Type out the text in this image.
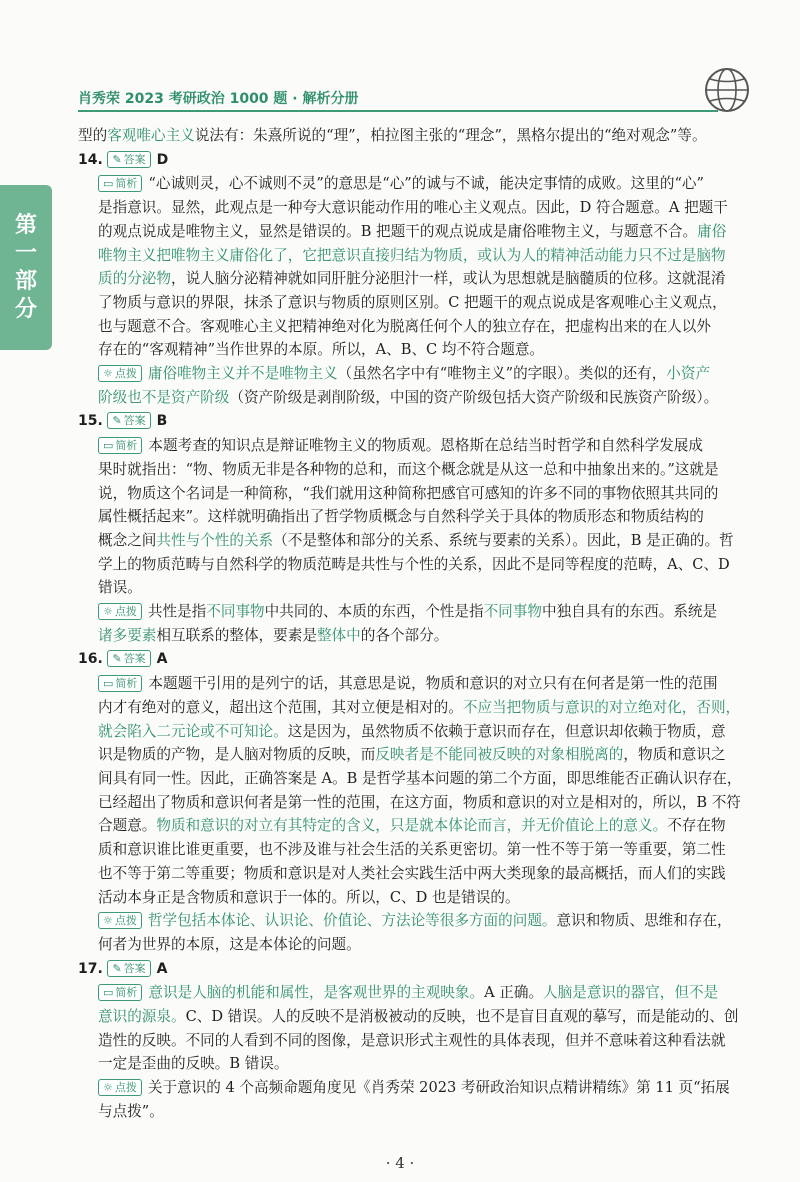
肖秀荣 2023 考研政治 1000 题 · 解析分册
第
一
部
分
型的客观唯心主义说法有：朱熹所说的“理”，柏拉图主张的“理念”，黑格尔提出的“绝对观念”等。
14. ✎ 答案 D
▭ 简析 “心诚则灵，心不诚则不灵”的意思是“心”的诚与不诚，能决定事情的成败。这里的“心”
是指意识。显然，此观点是一种夸大意识能动作用的唯心主义观点。因此，D 符合题意。A 把题干
的观点说成是唯物主义，显然是错误的。B 把题干的观点说成是庸俗唯物主义，与题意不合。庸俗
唯物主义把唯物主义庸俗化了，它把意识直接归结为物质，或认为人的精神活动能力只不过是脑物
质的分泌物，说人脑分泌精神就如同肝脏分泌胆汁一样，或认为思想就是脑髓质的位移。这就混淆
了物质与意识的界限，抹杀了意识与物质的原则区别。C 把题干的观点说成是客观唯心主义观点，
也与题意不合。客观唯心主义把精神绝对化为脱离任何个人的独立存在，把虚构出来的在人以外
存在的“客观精神”当作世界的本原。所以，A、B、C 均不符合题意。
☼ 点拨 庸俗唯物主义并不是唯物主义（虽然名字中有“唯物主义”的字眼）。类似的还有，小资产
阶级也不是资产阶级（资产阶级是剥削阶级，中国的资产阶级包括大资产阶级和民族资产阶级）。
15. ✎ 答案 B
▭ 简析 本题考查的知识点是辩证唯物主义的物质观。恩格斯在总结当时哲学和自然科学发展成
果时就指出：“物、物质无非是各种物的总和，而这个概念就是从这一总和中抽象出来的。”这就是
说，物质这个名词是一种简称，“我们就用这种简称把感官可感知的许多不同的事物依照其共同的
属性概括起来”。这样就明确指出了哲学物质概念与自然科学关于具体的物质形态和物质结构的
概念之间共性与个性的关系（不是整体和部分的关系、系统与要素的关系）。因此，B 是正确的。哲
学上的物质范畴与自然科学的物质范畴是共性与个性的关系，因此不是同等程度的范畴，A、C、D
错误。
☼ 点拨 共性是指不同事物中共同的、本质的东西，个性是指不同事物中独自具有的东西。系统是
诸多要素相互联系的整体，要素是整体中的各个部分。
16. ✎ 答案 A
▭ 简析 本题题干引用的是列宁的话，其意思是说，物质和意识的对立只有在何者是第一性的范围
内才有绝对的意义，超出这个范围，其对立便是相对的。不应当把物质与意识的对立绝对化，否则，
就会陷入二元论或不可知论。这是因为，虽然物质不依赖于意识而存在，但意识却依赖于物质，意
识是物质的产物，是人脑对物质的反映，而反映者是不能同被反映的对象相脱离的，物质和意识之
间具有同一性。因此，正确答案是 A。B 是哲学基本问题的第二个方面，即思维能否正确认识存在，
已经超出了物质和意识何者是第一性的范围，在这方面，物质和意识的对立是相对的，所以，B 不符
合题意。物质和意识的对立有其特定的含义，只是就本体论而言，并无价值论上的意义。不存在物
质和意识谁比谁更重要，也不涉及谁与社会生活的关系更密切。第一性不等于第一等重要，第二性
也不等于第二等重要；物质和意识是对人类社会实践生活中两大类现象的最高概括，而人们的实践
活动本身正是含物质和意识于一体的。所以，C、D 也是错误的。
☼ 点拨 哲学包括本体论、认识论、价值论、方法论等很多方面的问题。意识和物质、思维和存在，
何者为世界的本原，这是本体论的问题。
17. ✎ 答案 A
▭ 简析 意识是人脑的机能和属性，是客观世界的主观映象。A 正确。人脑是意识的器官，但不是
意识的源泉。C、D 错误。人的反映不是消极被动的反映，也不是盲目直观的摹写，而是能动的、创
造性的反映。不同的人看到不同的图像，是意识形式主观性的具体表现，但并不意味着这种看法就
一定是歪曲的反映。B 错误。
☼ 点拨 关于意识的 4 个高频命题角度见《肖秀荣 2023 考研政治知识点精讲精练》第 11 页“拓展
与点拨”。
· 4 ·
